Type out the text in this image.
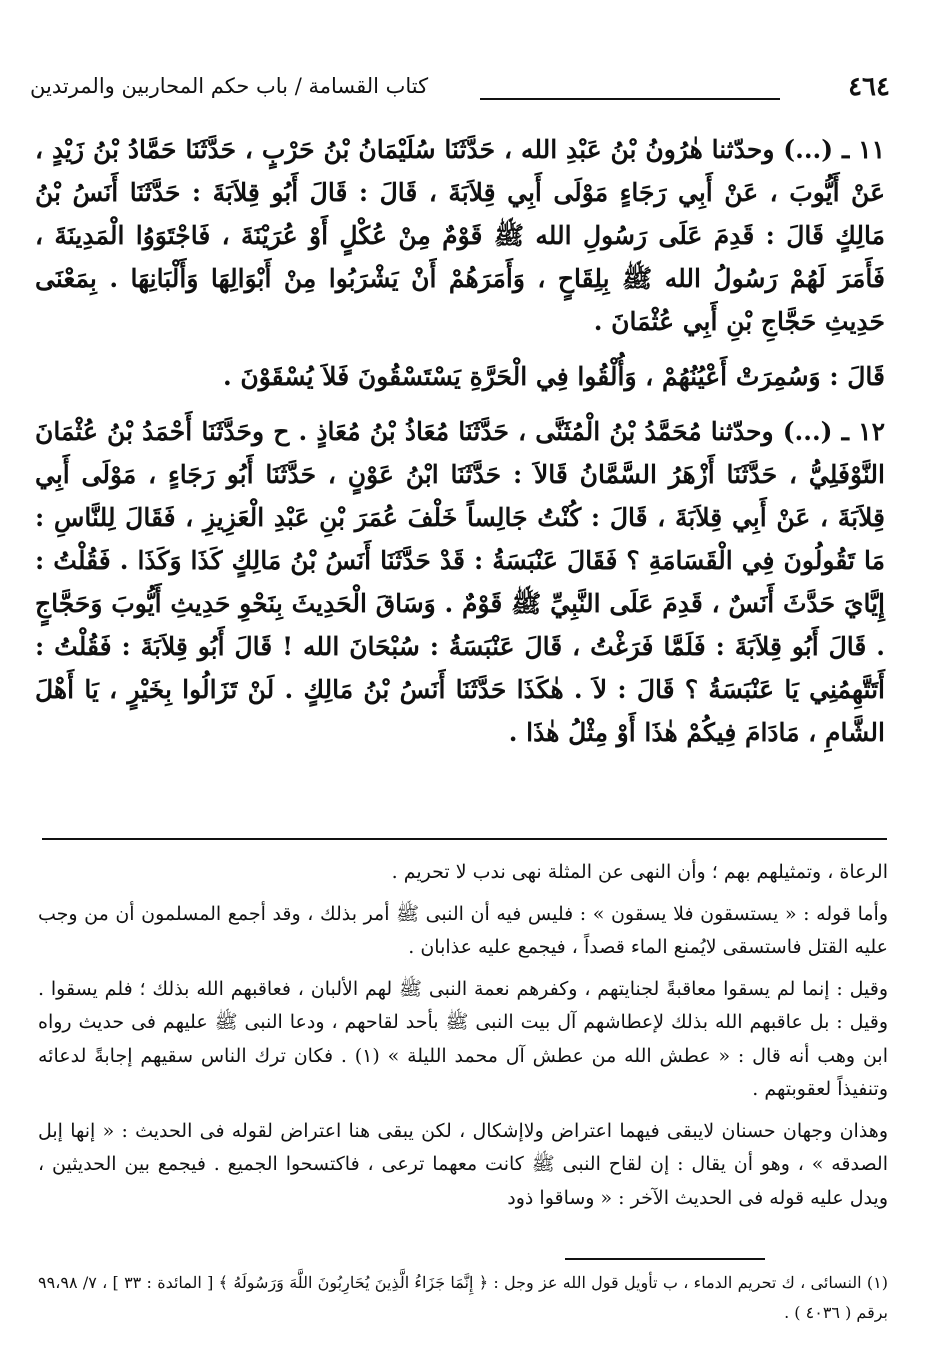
٤٦٤
كتاب القسامة / باب حكم المحاربين والمرتدين

١١ ـ (...) وحدّثنا هٰرُونُ بْنُ عَبْدِ الله ، حَدَّثَنَا سُلَيْمَانُ بْنُ حَرْبٍ ، حَدَّثَنَا حَمَّادُ بْنُ زَيْدٍ ، عَنْ أَيُّوبَ ، عَنْ أَبِي رَجَاءٍ مَوْلَى أَبِي قِلاَبَةَ ، قَالَ : قَالَ أَبُو قِلاَبَةَ : حَدَّثَنَا أَنَسُ بْنُ مَالِكٍ قَالَ : قَدِمَ عَلَى رَسُولِ الله ﷺ قَوْمٌ مِنْ عُكْلٍ أَوْ عُرَيْنَةَ ، فَاجْتَوَوُا الْمَدِينَةَ ، فَأَمَرَ لَهُمْ رَسُولُ الله ﷺ بِلِقَاحٍ ، وَأَمَرَهُمْ أَنْ يَشْرَبُوا مِنْ أَبْوَالِهَا وَأَلْبَانِهَا . بِمَعْنَى حَدِيثِ حَجَّاجِ بْنِ أَبِي عُثْمَانَ .

قَالَ : وَسُمِرَتْ أَعْيُنُهُمْ ، وَأُلْقُوا فِي الْحَرَّةِ يَسْتَسْقُونَ فَلاَ يُسْقَوْنَ .

١٢ ـ (...) وحدّثنا مُحَمَّدُ بْنُ الْمُثَنَّى ، حَدَّثَنَا مُعَاذُ بْنُ مُعَاذٍ . ح وحَدَّثَنَا أَحْمَدُ بْنُ عُثْمَانَ النَّوْفَلِيُّ ، حَدَّثَنَا أَزْهَرُ السَّمَّانُ قَالاَ : حَدَّثَنَا ابْنُ عَوْنٍ ، حَدَّثَنَا أَبُو رَجَاءٍ ، مَوْلَى أَبِي قِلاَبَةَ ، عَنْ أَبِي قِلاَبَةَ ، قَالَ : كُنْتُ جَالِساً خَلْفَ عُمَرَ بْنِ عَبْدِ الْعَزِيزِ ، فَقَالَ لِلنَّاسِ : مَا تَقُولُونَ فِي الْقَسَامَةِ ؟ فَقَالَ عَنْبَسَةُ : قَدْ حَدَّثَنَا أَنَسُ بْنُ مَالِكٍ كَذَا وَكَذَا . فَقُلْتُ : إِيَّايَ حَدَّثَ أَنَسٌ ، قَدِمَ عَلَى النَّبِيِّ ﷺ قَوْمٌ . وَسَاقَ الْحَدِيثَ بِنَحْوِ حَدِيثِ أَيُّوبَ وَحَجَّاجٍ . قَالَ أَبُو قِلاَبَةَ : فَلَمَّا فَرَغْتُ ، قَالَ عَنْبَسَةُ : سُبْحَانَ الله ! قَالَ أَبُو قِلاَبَةَ : فَقُلْتُ : أَتَتَّهِمُنِي يَا عَنْبَسَةُ ؟ قَالَ : لاَ . هٰكَذَا حَدَّثَنَا أَنَسُ بْنُ مَالِكٍ . لَنْ تَزَالُوا بِخَيْرٍ ، يَا أَهْلَ الشَّامِ ، مَادَامَ فِيكُمْ هٰذَا أَوْ مِثْلُ هٰذَا .

الرعاة ، وتمثيلهم بهم ؛ وأن النهى عن المثلة نهى ندب لا تحريم .

وأما قوله : « يستسقون فلا يسقون » : فليس فيه أن النبى ﷺ أمر بذلك ، وقد أجمع المسلمون أن من وجب عليه القتل فاستسقى لايُمنع الماء قصداً ، فيجمع عليه عذابان .

وقيل : إنما لم يسقوا معاقبةً لجنايتهم ، وكفرهم نعمة النبى ﷺ لهم الألبان ، فعاقبهم الله بذلك ؛ فلم يسقوا . وقيل : بل عاقبهم الله بذلك لإعطاشهم آل بيت النبى ﷺ بأحد لقاحهم ، ودعا النبى ﷺ عليهم فى حديث رواه ابن وهب أنه قال : « عطش الله من عطش آل محمد الليلة » (١) . فكان ترك الناس سقيهم إجابةً لدعائه وتنفيذاً لعقوبتهم .

وهذان وجهان حسنان لايبقى فيهما اعتراض ولاإشكال ، لكن يبقى هنا اعتراض لقوله فى الحديث : « إنها إبل الصدقه » ، وهو أن يقال : إن لقاح النبى ﷺ كانت معهما ترعى ، فاكتسحوا الجميع . فيجمع بين الحديثين ، ويدل عليه قوله فى الحديث الآخر : « وساقوا ذود

(١) النسائى ، ك تحريم الدماء ، ب تأويل قول الله عز وجل : ﴿ إِنَّمَا جَزَاءُ الَّذِينَ يُحَارِبُونَ اللَّهَ وَرَسُولَهُ ﴾ [ المائدة : ٣٣ ] ، ٧/ ٩٩،٩٨ برقم ( ٤٠٣٦ ) .
